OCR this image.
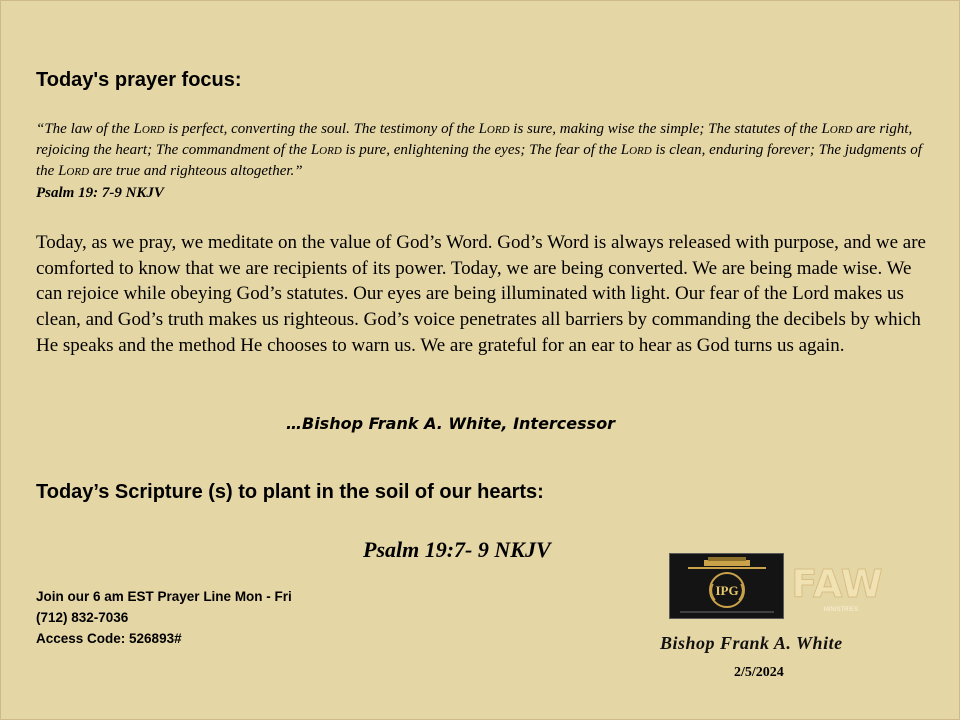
Today's prayer focus:
“The law of the Lord is perfect, converting the soul. The testimony of the Lord is sure, making wise the simple; The statutes of the Lord are right, rejoicing the heart; The commandment of the Lord is pure, enlightening the eyes; The fear of the Lord is clean, enduring forever; The judgments of the Lord are true and righteous altogether.”
Psalm 19: 7-9 NKJV

Today, as we pray, we meditate on the value of God’s Word. God’s Word is always released with purpose, and we are comforted to know that we are recipients of its power. Today, we are being converted. We are being made wise. We can rejoice while obeying God’s statutes. Our eyes are being illuminated with light. Our fear of the Lord makes us clean, and God’s truth makes us righteous. God’s voice penetrates all barriers by commanding the decibels by which He speaks and the method He chooses to warn us. We are grateful for an ear to hear as God turns us again.

…Bishop Frank A. White, Intercessor
Today’s Scripture (s) to plant in the soil of our hearts:
Psalm 19:7- 9 NKJV
Join our 6 am EST Prayer Line Mon - Fri
(712) 832-7036
Access Code: 526893#
IPG FAW
MINISTRIES
Bishop Frank A. White
2/5/2024
